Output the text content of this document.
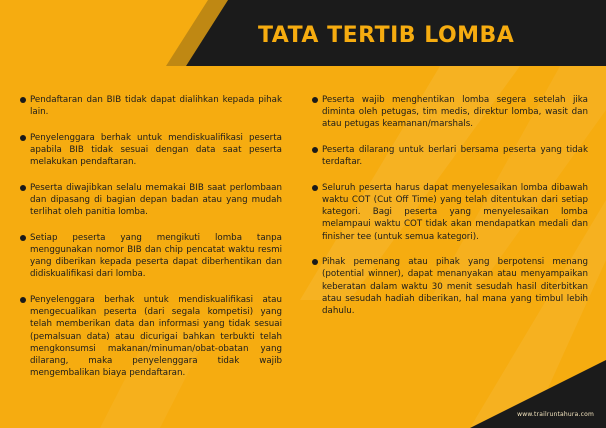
TATA TERTIB LOMBA
Pendaftaran dan BIB tidak dapat dialihkan kepada pihak lain.
Penyelenggara berhak untuk mendiskualifikasi peserta apabila BIB tidak sesuai dengan data saat peserta melakukan pendaftaran.
Peserta diwajibkan selalu memakai BIB saat perlombaan dan dipasang di bagian depan badan atau yang mudah terlihat oleh panitia lomba.
Setiap peserta yang mengikuti lomba tanpa menggunakan nomor BIB dan chip pencatat waktu resmi yang diberikan kepada peserta dapat diberhentikan dan didiskualifikasi dari lomba.
Penyelenggara berhak untuk mendiskualifikasi atau mengecualikan peserta (dari segala kompetisi) yang telah memberikan data dan informasi yang tidak sesuai (pemalsuan data) atau dicurigai bahkan terbukti telah mengkonsumsi makanan/minuman/obat-obatan yang dilarang, maka penyelenggara tidak wajib mengembalikan biaya pendaftaran.
Peserta wajib menghentikan lomba segera setelah jika diminta oleh petugas, tim medis, direktur lomba, wasit dan atau petugas keamanan/marshals.
Peserta dilarang untuk berlari bersama peserta yang tidak terdaftar.
Seluruh peserta harus dapat menyelesaikan lomba dibawah waktu COT (Cut Off Time) yang telah ditentukan dari setiap kategori. Bagi peserta yang menyelesaikan lomba melampaui waktu COT tidak akan mendapatkan medali dan finisher tee (untuk semua kategori).
Pihak pemenang atau pihak yang berpotensi menang (potential winner), dapat menanyakan atau menyampaikan keberatan dalam waktu 30 menit sesudah hasil diterbitkan atau sesudah hadiah diberikan, hal mana yang timbul lebih dahulu.
www.trailruntahura.com
